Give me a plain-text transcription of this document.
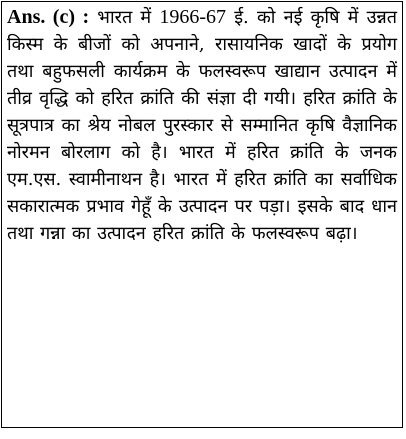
Ans. (c) : भारत में 1966-67 ई. को नई कृषि में उन्नत किस्म के बीजों को अपनाने, रासायनिक खादों के प्रयोग तथा बहुफसली कार्यक्रम के फलस्वरूप खाद्यान उत्पादन में तीव्र वृद्धि को हरित क्रांति की संज्ञा दी गयी। हरित क्रांति के सूत्रपात्र का श्रेय नोबल पुरस्कार से सम्मानित कृषि वैज्ञानिक नोरमन बोरलाग को है। भारत में हरित क्रांति के जनक एम.एस. स्वामीनाथन है। भारत में हरित क्रांति का सर्वाधिक सकारात्मक प्रभाव गेहूँ के उत्पादन पर पड़ा। इसके बाद धान तथा गन्ना का उत्पादन हरित क्रांति के फलस्वरूप बढ़ा।
